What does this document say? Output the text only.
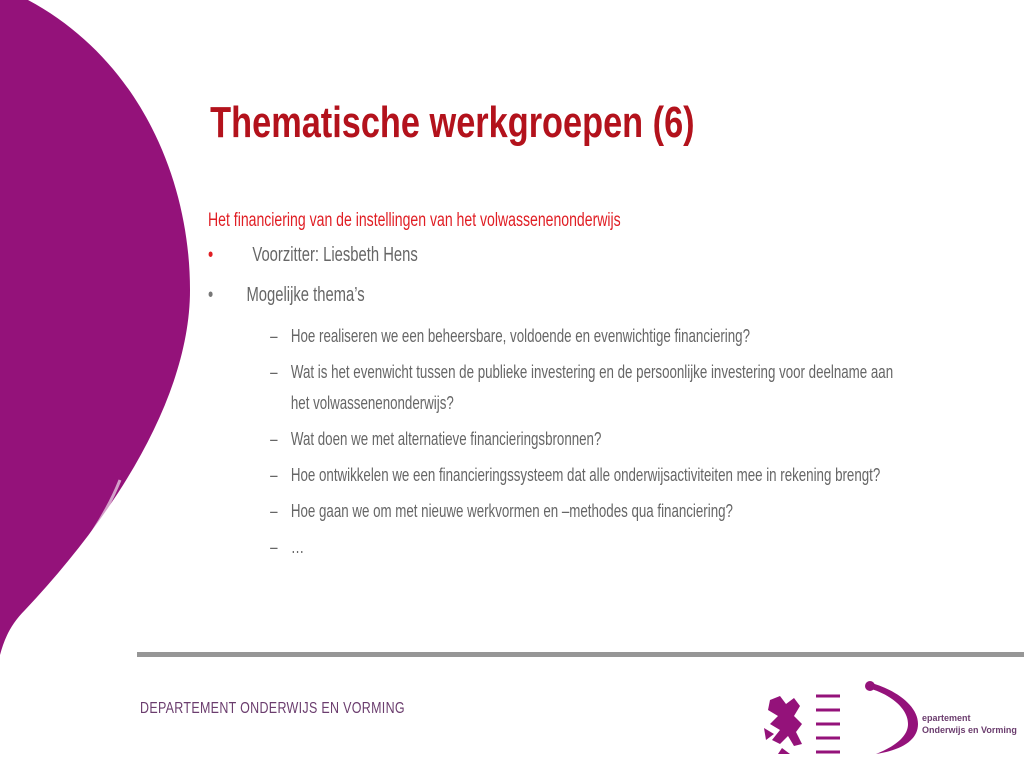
Thematische werkgroepen (6)
Het financiering van de instellingen van het volwassenenonderwijs
• Voorzitter: Liesbeth Hens
• Mogelijke thema’s
– Hoe realiseren we een beheersbare, voldoende en evenwichtige financiering?
– Wat is het evenwicht tussen de publieke investering en de persoonlijke investering voor deelname aan het volwassenenonderwijs?
– Wat doen we met alternatieve financieringsbronnen?
– Hoe ontwikkelen we een financieringssysteem dat alle onderwijsactiviteiten mee in rekening brengt?
– Hoe gaan we om met nieuwe werkvormen en –methodes qua financiering?
– …
DEPARTEMENT ONDERWIJS EN VORMING
epartement
Onderwijs en Vorming
